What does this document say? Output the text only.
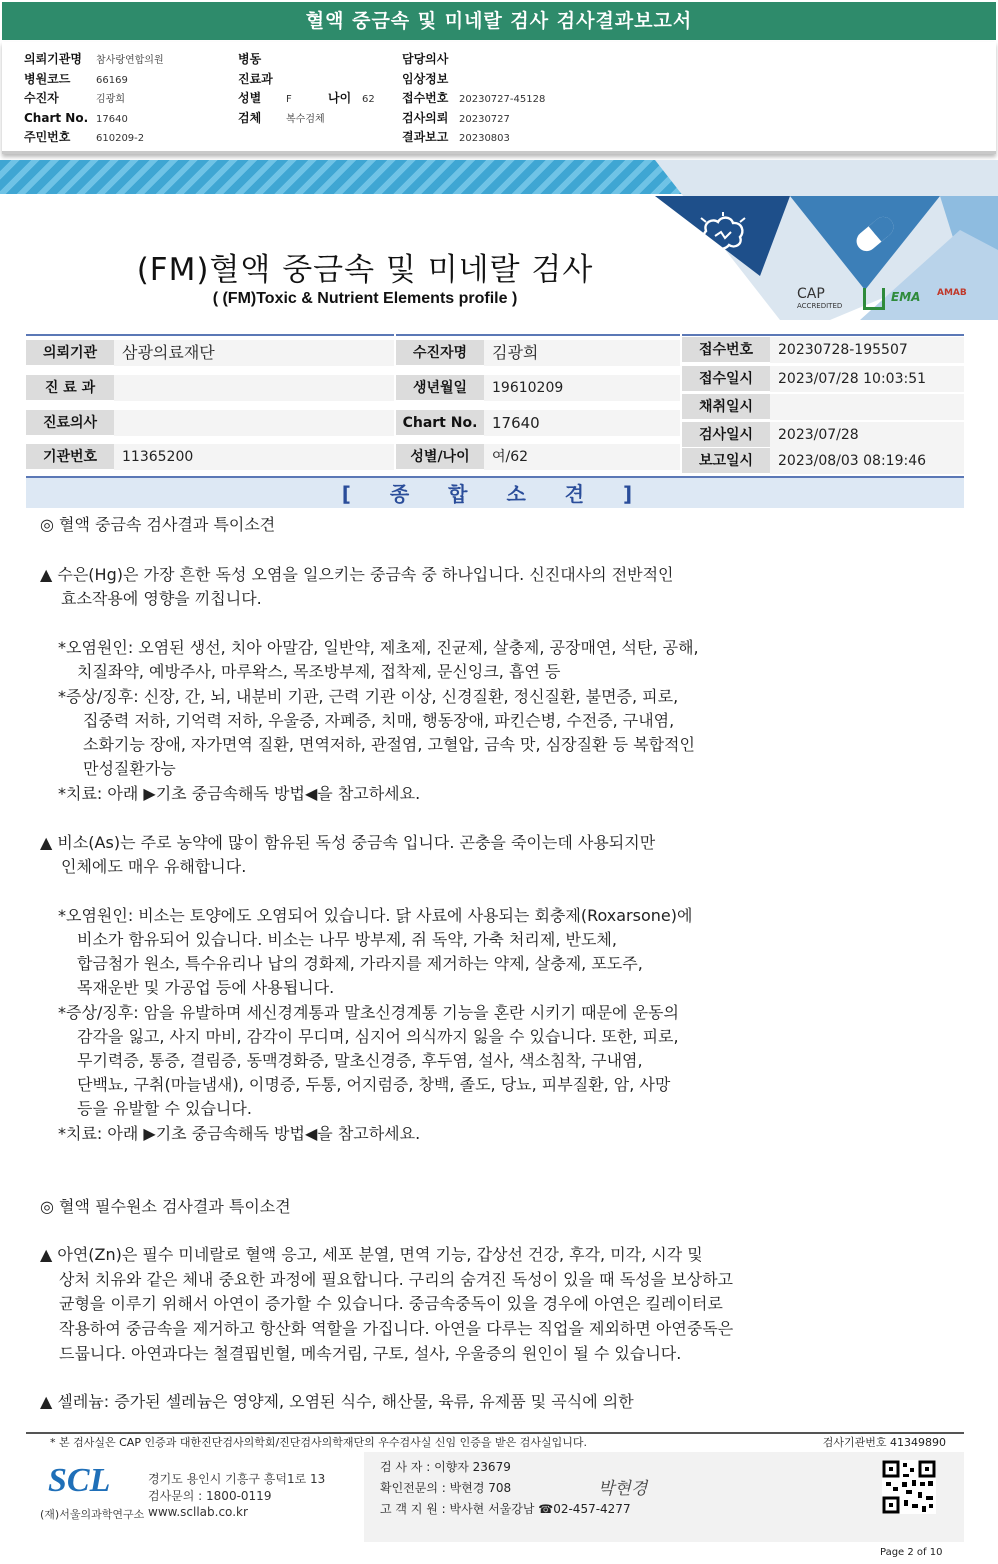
혈액 중금속 및 미네랄 검사 검사결과보고서
의뢰기관명 참사랑연합의원
병원코드	66169
수진자	김광희
Chart No. 17640
주민번호	610209-2
병동
진료과
성별 F	나이 62
검체 복수검체
담당의사
임상정보
접수번호 20230727-45128
검사의뢰 20230727
결과보고 20230803
(FM)혈액 중금속 및 미네랄 검사
( (FM)Toxic & Nutrient Elements profile )	CAP
ACCREDITED
EMA AMAB
의뢰기관	삼광의료재단
진 료 과
진료의사
기관번호	11365200
수진자명	김광희
생년월일	19610209
Chart No. 17640
성별/나이	여/62
접수번호	20230728-195507
접수일시	2023/07/28 10:03:51
채취일시
검사일시	2023/07/28
보고일시	2023/08/03 08:19:46
[ 종 합 소 견 ]
◎ 혈액 중금속 검사결과 특이소견
▲ 수은(Hg)은 가장 흔한 독성 오염을 일으키는 중금속 중 하나입니다. 신진대사의 전반적인
효소작용에 영향을 끼칩니다.
*오염원인: 오염된 생선, 치아 아말감, 일반약, 제초제, 진균제, 살충제, 공장매연, 석탄, 공해,
치질좌약, 예방주사, 마루왁스, 목조방부제, 접착제, 문신잉크, 흡연 등
*증상/징후: 신장, 간, 뇌, 내분비 기관, 근력 기관 이상, 신경질환, 정신질환, 불면증, 피로,
집중력 저하, 기억력 저하, 우울증, 자폐증, 치매, 행동장애, 파킨슨병, 수전증, 구내염,
소화기능 장애, 자가면역 질환, 면역저하, 관절염, 고혈압, 금속 맛, 심장질환 등 복합적인
만성질환가능
*치료: 아래 ▶기초 중금속해독 방법◀을 참고하세요.
▲ 비소(As)는 주로 농약에 많이 함유된 독성 중금속 입니다. 곤충을 죽이는데 사용되지만
인체에도 매우 유해합니다.
*오염원인: 비소는 토양에도 오염되어 있습니다. 닭 사료에 사용되는 회충제(Roxarsone)에
비소가 함유되어 있습니다. 비소는 나무 방부제, 쥐 독약, 가축 처리제, 반도체,
합금첨가 원소, 특수유리나 납의 경화제, 가라지를 제거하는 약제, 살충제, 포도주,
목재운반 및 가공업 등에 사용됩니다.
*증상/징후: 암을 유발하며 세신경계통과 말초신경계통 기능을 혼란 시키기 때문에 운동의
감각을 잃고, 사지 마비, 감각이 무디며, 심지어 의식까지 잃을 수 있습니다. 또한, 피로,
무기력증, 통증, 결림증, 동맥경화증, 말초신경증, 후두염, 설사, 색소침착, 구내염,
단백뇨, 구취(마늘냄새), 이명증, 두통, 어지럼증, 창백, 졸도, 당뇨, 피부질환, 암, 사망
등을 유발할 수 있습니다.
*치료: 아래 ▶기초 중금속해독 방법◀을 참고하세요.
◎ 혈액 필수원소 검사결과 특이소견
▲ 아연(Zn)은 필수 미네랄로 혈액 응고, 세포 분열, 면역 기능, 갑상선 건강, 후각, 미각, 시각 및
상처 치유와 같은 체내 중요한 과정에 필요합니다. 구리의 숨겨진 독성이 있을 때 독성을 보상하고
균형을 이루기 위해서 아연이 증가할 수 있습니다. 중금속중독이 있을 경우에 아연은 킬레이터로
작용하여 중금속을 제거하고 항산화 역할을 가집니다. 아연을 다루는 직업을 제외하면 아연중독은
드뭅니다. 아연과다는 철결핍빈혈, 메속거림, 구토, 설사, 우울증의 원인이 될 수 있습니다.
▲ 셀레늄: 증가된 셀레늄은 영양제, 오염된 식수, 해산물, 육류, 유제품 및 곡식에 의한
* 본 검사실은 CAP 인증과 대한진단검사의학회/진단검사의학재단의 우수검사실 신임 인증을 받은 검사실입니다.	검사기관번호 41349890
SCL
(재)서울의과학연구소
경기도 용인시 기흥구 흥덕1로 13
검사문의 : 1800-0119
www.scllab.co.kr
검 사 자 : 이향자 23679
확인전문의 : 박현경 708
고 객 지 원 : 박사현 서울강남 ☎02-457-4277
박현경
Page 2 of 10
